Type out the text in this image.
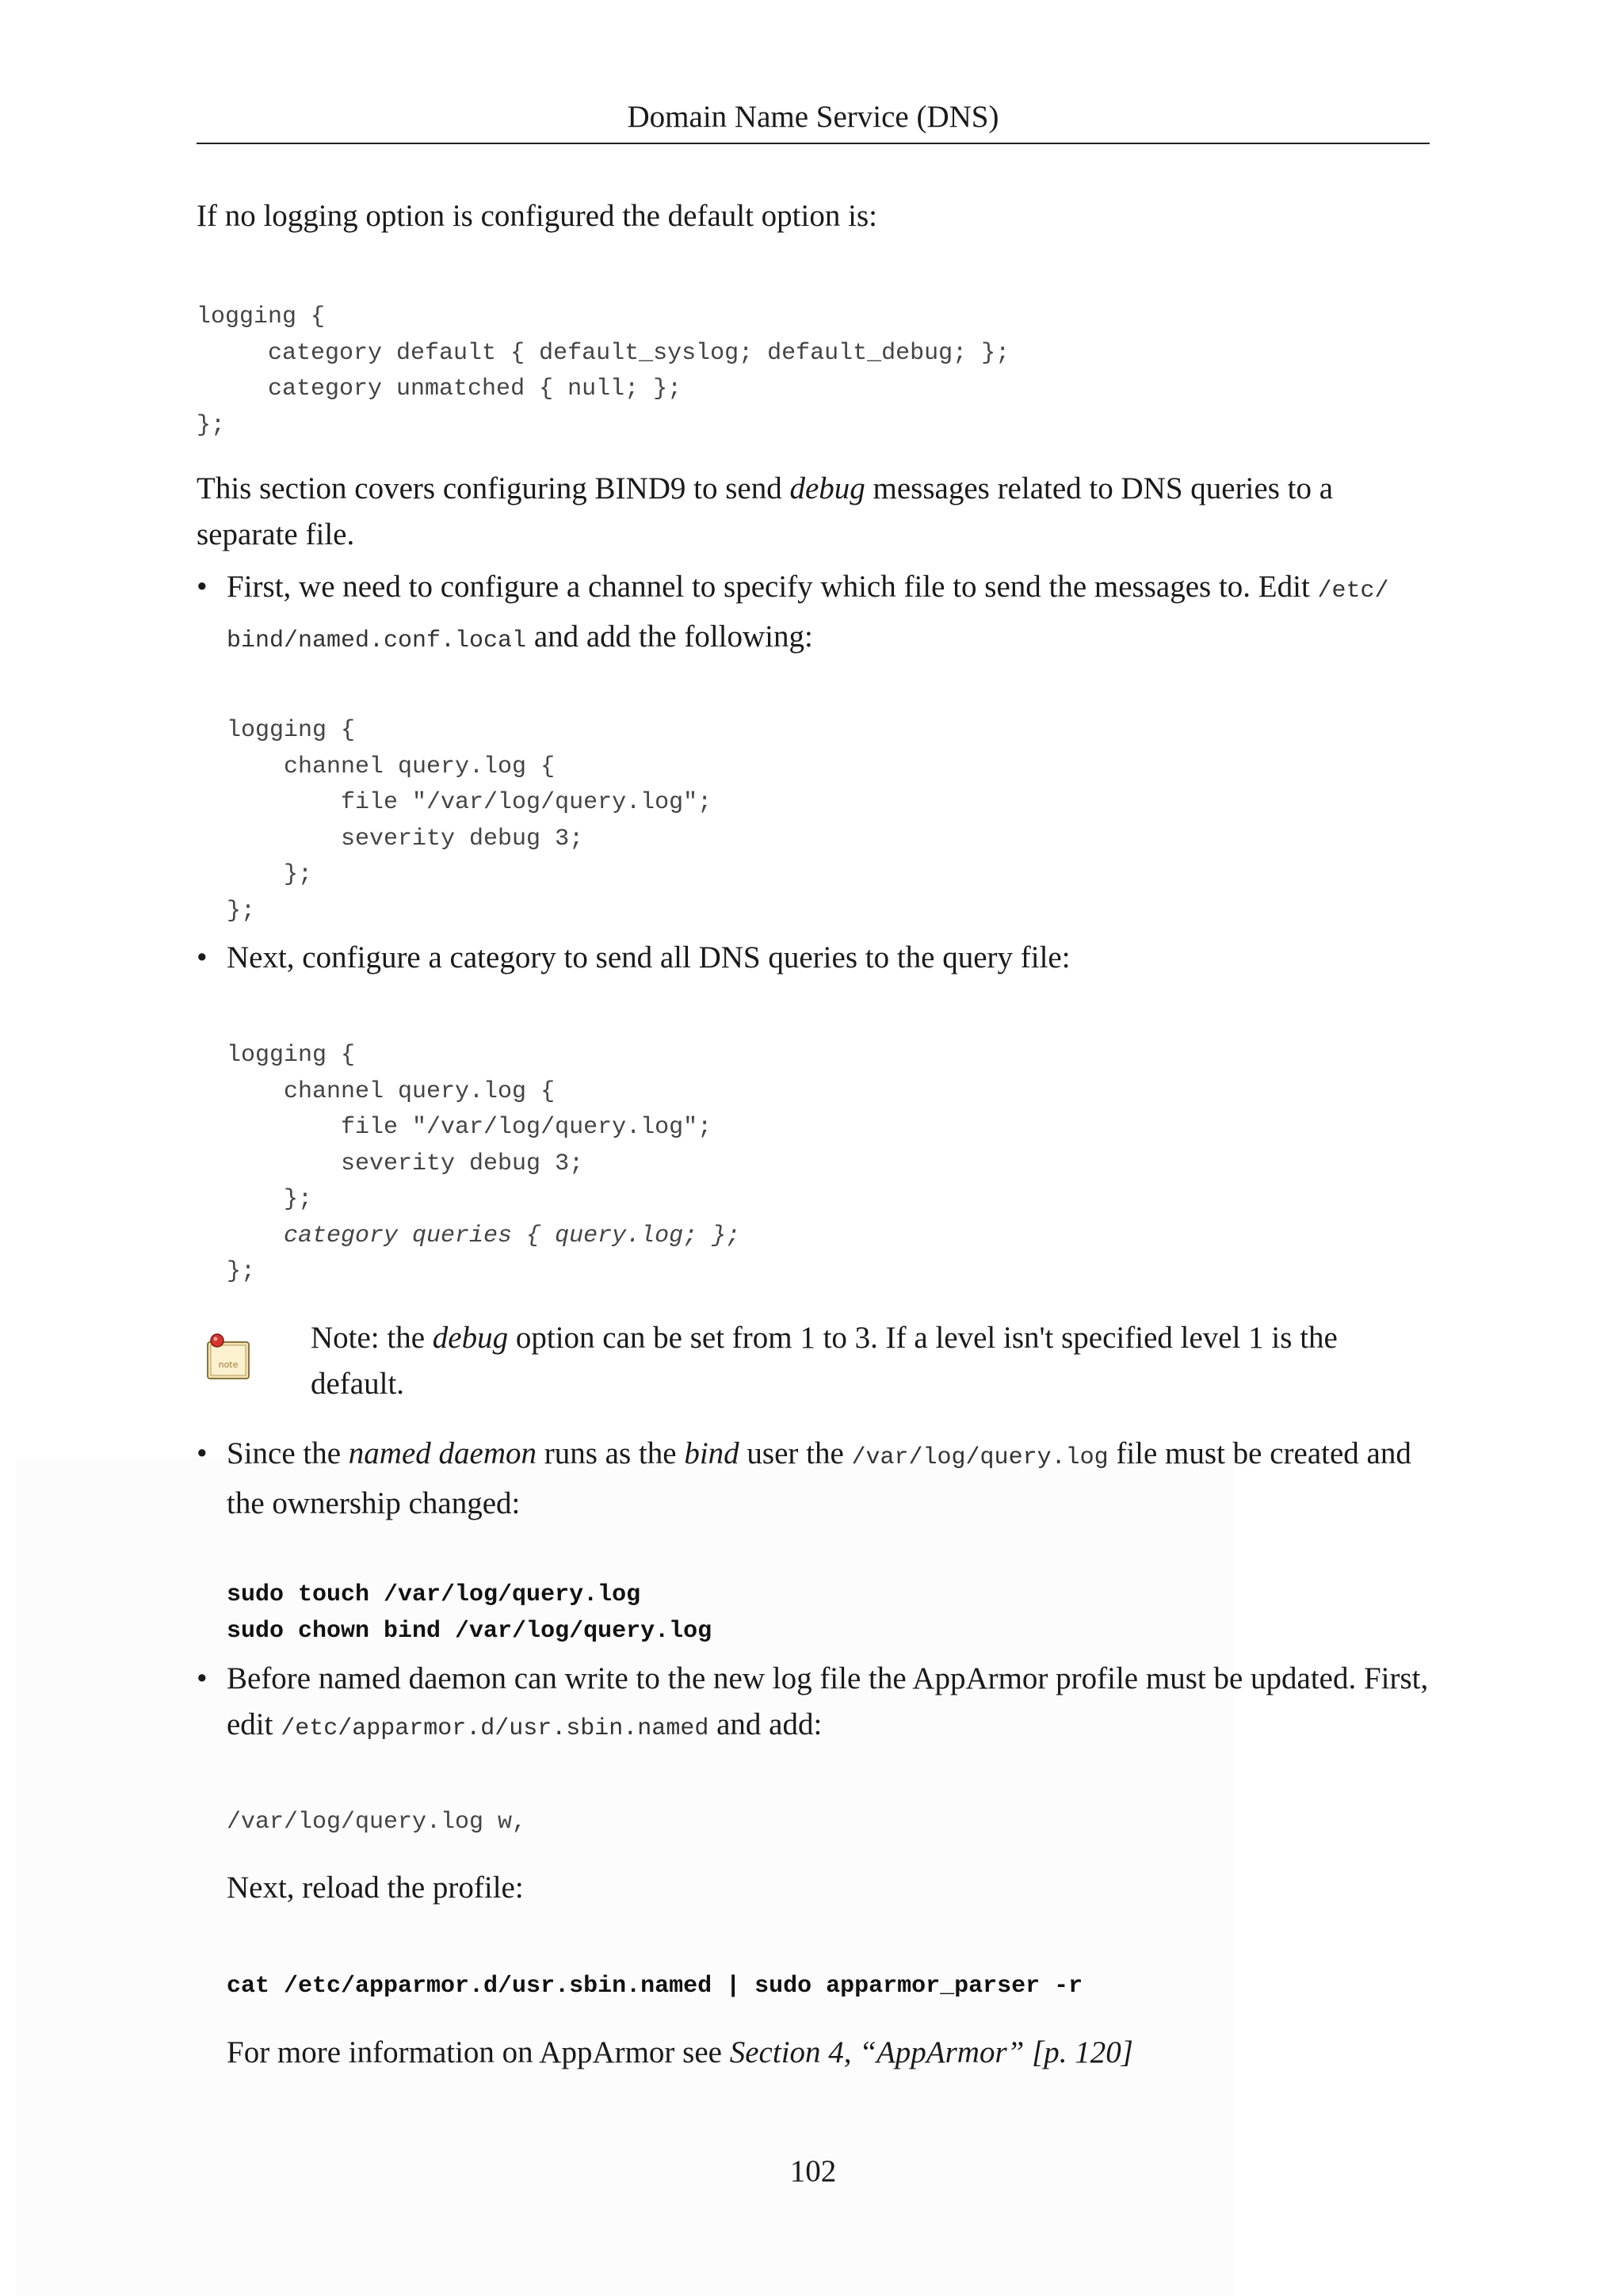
Domain Name Service (DNS)

If no logging option is configured the default option is:

logging {
category default { default_syslog; default_debug; };
category unmatched { null; };
};

This section covers configuring BIND9 to send debug messages related to DNS queries to a separate file.

• First, we need to configure a channel to specify which file to send the messages to. Edit /etc/
bind/named.conf.local and add the following:
logging {
channel query.log {
file "/var/log/query.log";
severity debug 3;
};
};
• Next, configure a category to send all DNS queries to the query file:
logging {
channel query.log {
file "/var/log/query.log";
severity debug 3;
};
category queries { query.log; };
};
note
Note: the debug option can be set from 1 to 3. If a level isn't specified level 1 is the default.
• Since the named daemon runs as the bind user the /var/log/query.log file must be created and
the ownership changed:
sudo touch /var/log/query.log
sudo chown bind /var/log/query.log
• Before named daemon can write to the new log file the AppArmor profile must be updated. First,
edit /etc/apparmor.d/usr.sbin.named and add:
/var/log/query.log w,
Next, reload the profile:
cat /etc/apparmor.d/usr.sbin.named | sudo apparmor_parser -r
For more information on AppArmor see Section 4, “AppArmor” [p. 120]
102
